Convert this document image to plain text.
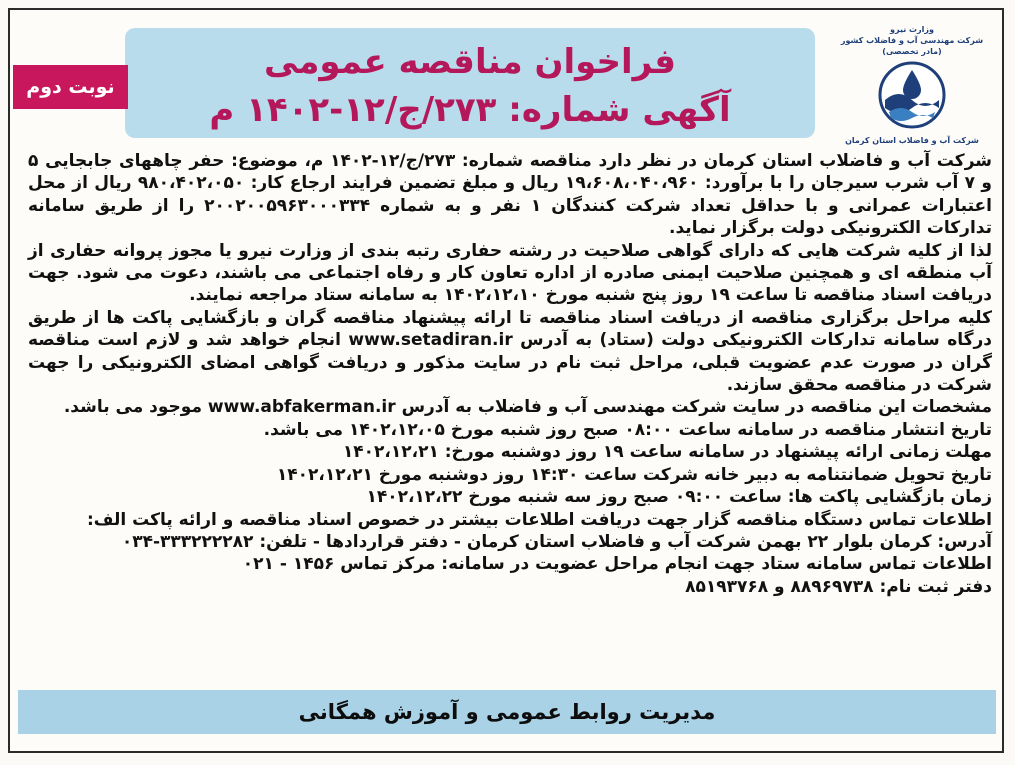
فراخوان مناقصه عمومی
آگهی شماره: ۲۷۳/ج/۱۲-۱۴۰۲ م
نوبت دوم
وزارت نیرو
شرکت مهندسی آب و فاضلاب کشور
(مادر تخصصی)
شرکت آب و فاضلاب استان کرمان

شرکت آب و فاضلاب استان کرمان در نظر دارد مناقصه شماره: ۲۷۳/ج/۱۲-۱۴۰۲ م، موضوع: حفر چاههای جابجایی ۵ و ۷ آب شرب سیرجان را با برآورد: ۱۹،۶۰۸،۰۴۰،۹۶۰ ریال و مبلغ تضمین فرایند ارجاع کار: ۹۸۰،۴۰۲،۰۵۰ ریال از محل اعتبارات عمرانی و با حداقل تعداد شرکت کنندگان ۱ نفر و به شماره ۲۰۰۲۰۰۵۹۶۳۰۰۰۳۳۴ را از طریق سامانه تدارکات الکترونیکی دولت برگزار نماید.

لذا از کلیه شرکت هایی که دارای گواهی صلاحیت در رشته حفاری رتبه بندی از وزارت نیرو یا مجوز پروانه حفاری از آب منطقه ای و همچنین صلاحیت ایمنی صادره از اداره تعاون کار و رفاه اجتماعی می باشند، دعوت می شود. جهت دریافت اسناد مناقصه تا ساعت ۱۹ روز پنج شنبه مورخ ۱۴۰۲،۱۲،۱۰ به سامانه ستاد مراجعه نمایند.

کلیه مراحل برگزاری مناقصه از دریافت اسناد مناقصه تا ارائه پیشنهاد مناقصه گران و بازگشایی پاکت ها از طریق درگاه سامانه تدارکات الکترونیکی دولت (ستاد) به آدرس www.setadiran.ir انجام خواهد شد و لازم است مناقصه گران در صورت عدم عضویت قبلی، مراحل ثبت نام در سایت مذکور و دریافت گواهی امضای الکترونیکی را جهت شرکت در مناقصه محقق سازند.

مشخصات این مناقصه در سایت شرکت مهندسی آب و فاضلاب به آدرس www.abfakerman.ir موجود می باشد.

تاریخ انتشار مناقصه در سامانه ساعت ۰۸:۰۰ صبح روز شنبه مورخ ۱۴۰۲،۱۲،۰۵ می باشد.

مهلت زمانی ارائه پیشنهاد در سامانه ساعت ۱۹ روز دوشنبه مورخ: ۱۴۰۲،۱۲،۲۱

تاریخ تحویل ضمانتنامه به دبیر خانه شرکت ساعت ۱۴:۳۰ روز دوشنبه مورخ ۱۴۰۲،۱۲،۲۱

زمان بازگشایی پاکت ها: ساعت ۰۹:۰۰ صبح روز سه شنبه مورخ ۱۴۰۲،۱۲،۲۲

اطلاعات تماس دستگاه مناقصه گزار جهت دریافت اطلاعات بیشتر در خصوص اسناد مناقصه و ارائه پاکت الف:

آدرس: کرمان بلوار ۲۲ بهمن شرکت آب و فاضلاب استان کرمان - دفتر قراردادها - تلفن: ۳۳۳۲۲۲۲۸۲-۰۳۴

اطلاعات تماس سامانه ستاد جهت انجام مراحل عضویت در سامانه: مرکز تماس ۱۴۵۶ - ۰۲۱

دفتر ثبت نام: ۸۸۹۶۹۷۳۸ و ۸۵۱۹۳۷۶۸

مدیریت روابط عمومی و آموزش همگانی
